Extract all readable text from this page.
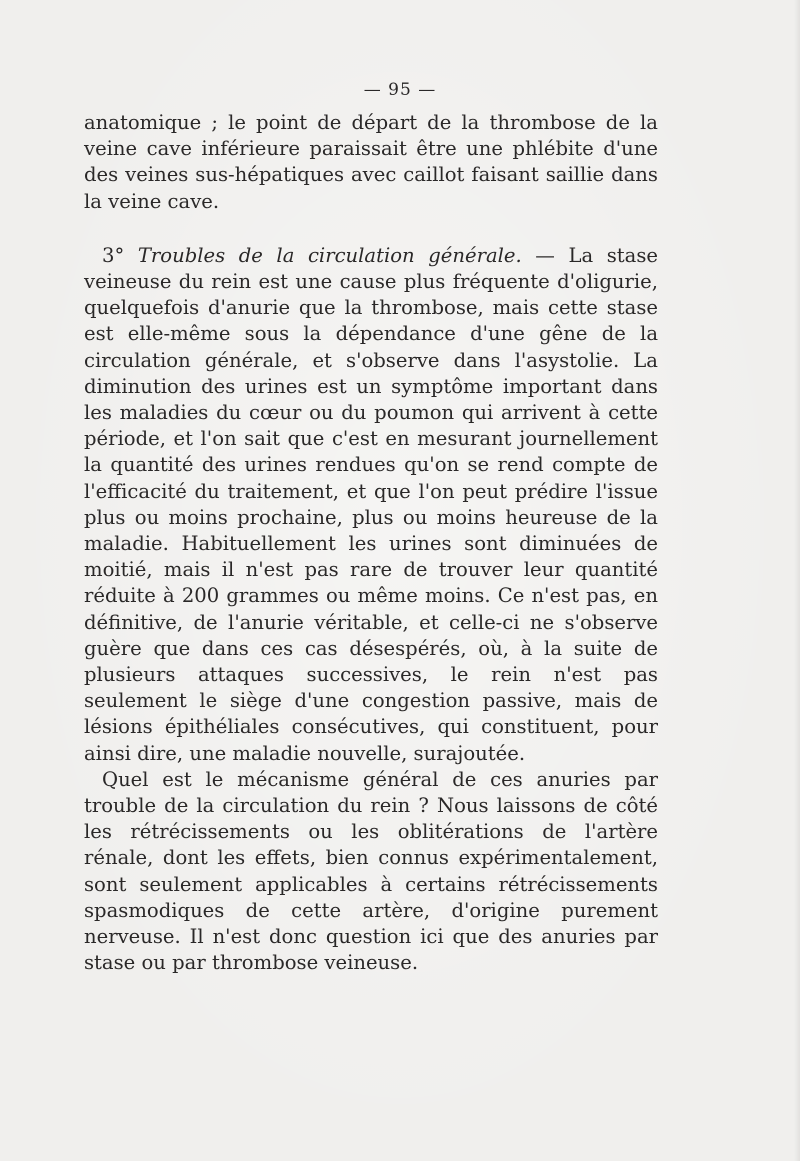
— 95 —

anatomique ; le point de départ de la thrombose de la veine cave inférieure paraissait être une phlébite d'une des veines sus-hépatiques avec caillot faisant saillie dans la veine cave.

3° Troubles de la circulation générale. — La stase veineuse du rein est une cause plus fréquente d'oligurie, quelquefois d'anurie que la thrombose, mais cette stase est elle-même sous la dépendance d'une gêne de la circulation générale, et s'observe dans l'asystolie. La diminution des urines est un symptôme important dans les maladies du cœur ou du poumon qui arrivent à cette période, et l'on sait que c'est en mesurant journellement la quantité des urines rendues qu'on se rend compte de l'efficacité du traitement, et que l'on peut prédire l'issue plus ou moins prochaine, plus ou moins heureuse de la maladie. Habituellement les urines sont diminuées de moitié, mais il n'est pas rare de trouver leur quantité réduite à 200 grammes ou même moins. Ce n'est pas, en définitive, de l'anurie véritable, et celle-ci ne s'observe guère que dans ces cas désespérés, où, à la suite de plusieurs attaques successives, le rein n'est pas seulement le siège d'une congestion passive, mais de lésions épithéliales consécutives, qui constituent, pour ainsi dire, une maladie nouvelle, surajoutée.

Quel est le mécanisme général de ces anuries par trouble de la circulation du rein ? Nous laissons de côté les rétrécissements ou les oblitérations de l'artère rénale, dont les effets, bien connus expérimentalement, sont seulement applicables à certains rétrécissements spasmodiques de cette artère, d'origine purement nerveuse. Il n'est donc question ici que des anuries par stase ou par thrombose veineuse.
